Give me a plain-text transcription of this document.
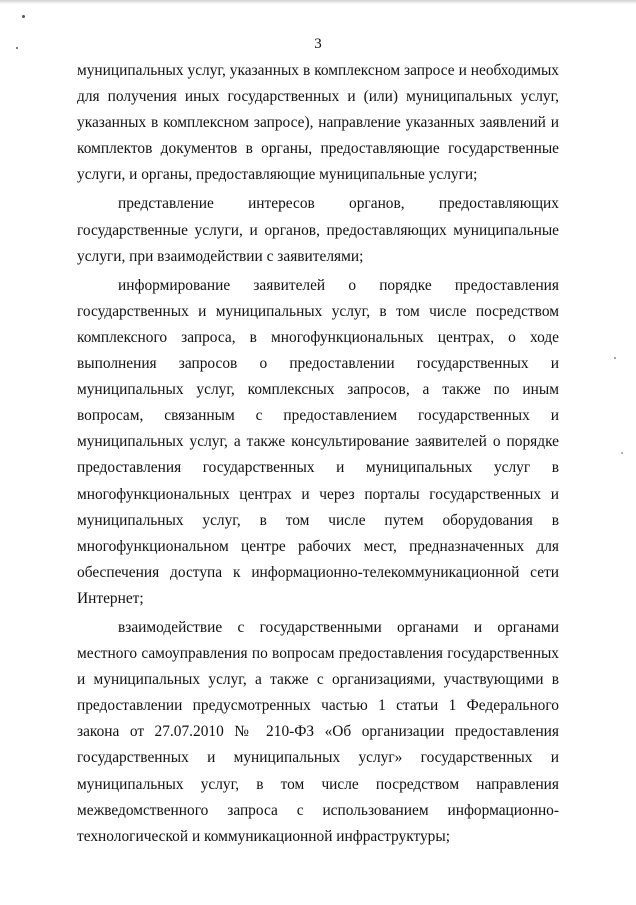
3

муниципальных услуг, указанных в комплексном запросе и необходимых для получения иных государственных и (или) муниципальных услуг, указанных в комплексном запросе), направление указанных заявлений и комплектов документов в органы, предоставляющие государственные услуги, и органы, предоставляющие муниципальные услуги;

представление интересов органов, предоставляющих государственные услуги, и органов, предоставляющих муниципальные услуги, при взаимодействии с заявителями;

информирование заявителей о порядке предоставления государственных и муниципальных услуг, в том числе посредством комплексного запроса, в многофункциональных центрах, о ходе выполнения запросов о предоставлении государственных и муниципальных услуг, комплексных запросов, а также по иным вопросам, связанным с предоставлением государственных и муниципальных услуг, а также консультирование заявителей о порядке предоставления государственных и муниципальных услуг в многофункциональных центрах и через порталы государственных и муниципальных услуг, в том числе путем оборудования в многофункциональном центре рабочих мест, предназначенных для обеспечения доступа к информационно-телекоммуникационной сети Интернет;

взаимодействие с государственными органами и органами местного самоуправления по вопросам предоставления государственных и муниципальных услуг, а также с организациями, участвующими в предоставлении предусмотренных частью 1 статьи 1 Федерального закона от 27.07.2010 № 210-ФЗ «Об организации предоставления государственных и муниципальных услуг» государственных и муниципальных услуг, в том числе посредством направления межведомственного запроса с использованием информационно-технологической и коммуникационной инфраструктуры;
